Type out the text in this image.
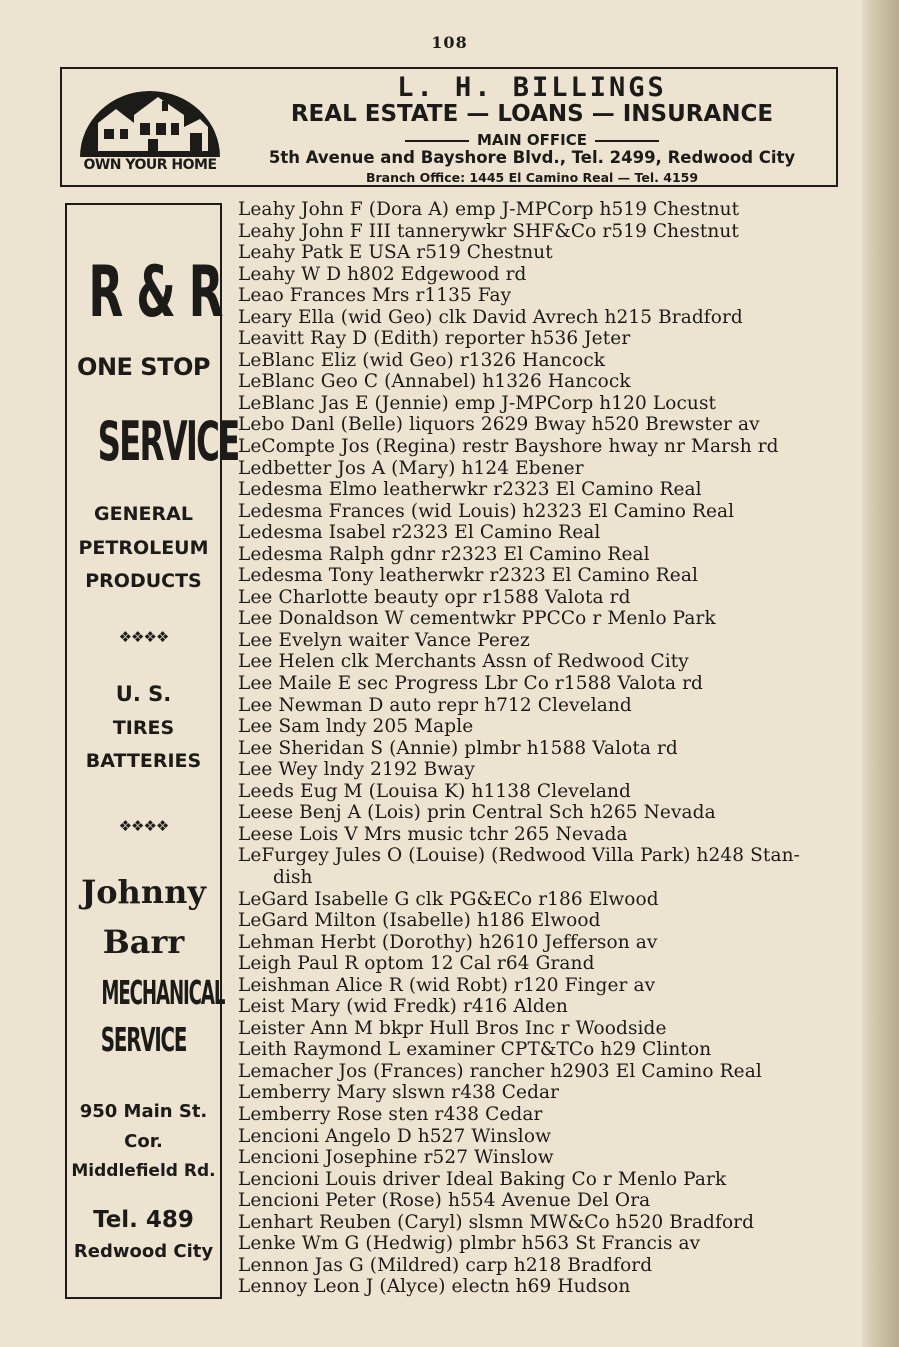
108
OWN YOUR HOME
L. H. BILLINGS
REAL ESTATE — LOANS — INSURANCE
MAIN OFFICE
5th Avenue and Bayshore Blvd., Tel. 2499, Redwood City
Branch Office: 1445 El Camino Real — Tel. 4159
R & R
ONE STOP
SERVICE
GENERAL
PETROLEUM
PRODUCTS
❖❖❖❖
U. S.
TIRES
BATTERIES
❖❖❖❖
Johnny
Barr
MECHANICAL
SERVICE
950 Main St.
Cor.
Middlefield Rd.
Tel. 489
Redwood City
Leahy John F (Dora A) emp J-MPCorp h519 Chestnut
Leahy John F III tannerywkr SHF&Co r519 Chestnut
Leahy Patk E USA r519 Chestnut
Leahy W D h802 Edgewood rd
Leao Frances Mrs r1135 Fay
Leary Ella (wid Geo) clk David Avrech h215 Bradford
Leavitt Ray D (Edith) reporter h536 Jeter
LeBlanc Eliz (wid Geo) r1326 Hancock
LeBlanc Geo C (Annabel) h1326 Hancock
LeBlanc Jas E (Jennie) emp J-MPCorp h120 Locust
Lebo Danl (Belle) liquors 2629 Bway h520 Brewster av
LeCompte Jos (Regina) restr Bayshore hway nr Marsh rd
Ledbetter Jos A (Mary) h124 Ebener
Ledesma Elmo leatherwkr r2323 El Camino Real
Ledesma Frances (wid Louis) h2323 El Camino Real
Ledesma Isabel r2323 El Camino Real
Ledesma Ralph gdnr r2323 El Camino Real
Ledesma Tony leatherwkr r2323 El Camino Real
Lee Charlotte beauty opr r1588 Valota rd
Lee Donaldson W cementwkr PPCCo r Menlo Park
Lee Evelyn waiter Vance Perez
Lee Helen clk Merchants Assn of Redwood City
Lee Maile E sec Progress Lbr Co r1588 Valota rd
Lee Newman D auto repr h712 Cleveland
Lee Sam lndy 205 Maple
Lee Sheridan S (Annie) plmbr h1588 Valota rd
Lee Wey lndy 2192 Bway
Leeds Eug M (Louisa K) h1138 Cleveland
Leese Benj A (Lois) prin Central Sch h265 Nevada
Leese Lois V Mrs music tchr 265 Nevada
LeFurgey Jules O (Louise) (Redwood Villa Park) h248 Stan-
dish
LeGard Isabelle G clk PG&ECo r186 Elwood
LeGard Milton (Isabelle) h186 Elwood
Lehman Herbt (Dorothy) h2610 Jefferson av
Leigh Paul R optom 12 Cal r64 Grand
Leishman Alice R (wid Robt) r120 Finger av
Leist Mary (wid Fredk) r416 Alden
Leister Ann M bkpr Hull Bros Inc r Woodside
Leith Raymond L examiner CPT&TCo h29 Clinton
Lemacher Jos (Frances) rancher h2903 El Camino Real
Lemberry Mary slswn r438 Cedar
Lemberry Rose sten r438 Cedar
Lencioni Angelo D h527 Winslow
Lencioni Josephine r527 Winslow
Lencioni Louis driver Ideal Baking Co r Menlo Park
Lencioni Peter (Rose) h554 Avenue Del Ora
Lenhart Reuben (Caryl) slsmn MW&Co h520 Bradford
Lenke Wm G (Hedwig) plmbr h563 St Francis av
Lennon Jas G (Mildred) carp h218 Bradford
Lennoy Leon J (Alyce) electn h69 Hudson
